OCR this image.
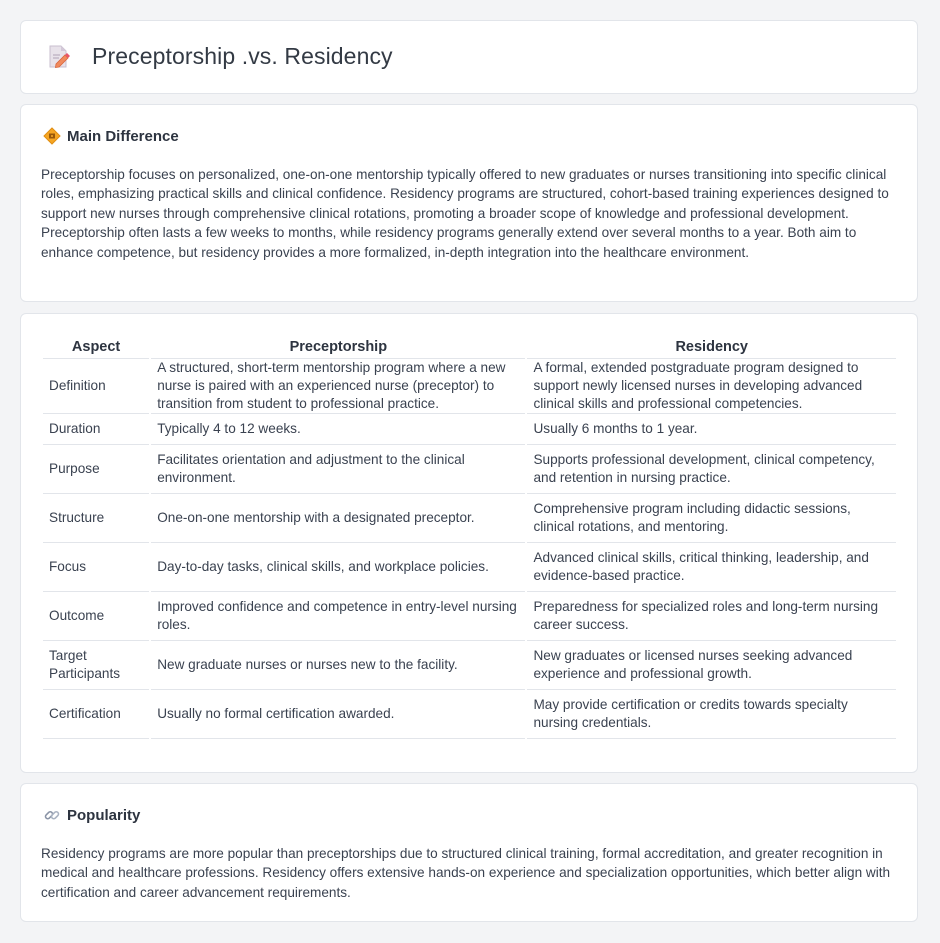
Preceptorship .vs. Residency
Main Difference
Preceptorship focuses on personalized, one-on-one mentorship typically offered to new graduates or nurses transitioning into specific clinical roles, emphasizing practical skills and clinical confidence. Residency programs are structured, cohort-based training experiences designed to support new nurses through comprehensive clinical rotations, promoting a broader scope of knowledge and professional development. Preceptorship often lasts a few weeks to months, while residency programs generally extend over several months to a year. Both aim to enhance competence, but residency provides a more formalized, in-depth integration into the healthcare environment.
Aspect	Preceptorship	Residency
Definition	A structured, short-term mentorship program where a new nurse is paired with an experienced nurse (preceptor) to transition from student to professional practice.	A formal, extended postgraduate program designed to support newly licensed nurses in developing advanced clinical skills and professional competencies.
Duration	Typically 4 to 12 weeks.	Usually 6 months to 1 year.
Purpose	Facilitates orientation and adjustment to the clinical environment.	Supports professional development, clinical competency, and retention in nursing practice.
Structure	One-on-one mentorship with a designated preceptor.	Comprehensive program including didactic sessions, clinical rotations, and mentoring.
Focus	Day-to-day tasks, clinical skills, and workplace policies.	Advanced clinical skills, critical thinking, leadership, and evidence-based practice.
Outcome	Improved confidence and competence in entry-level nursing roles.	Preparedness for specialized roles and long-term nursing career success.
Target Participants	New graduate nurses or nurses new to the facility.	New graduates or licensed nurses seeking advanced experience and professional growth.
Certification	Usually no formal certification awarded.	May provide certification or credits towards specialty nursing credentials.
Popularity
Residency programs are more popular than preceptorships due to structured clinical training, formal accreditation, and greater recognition in medical and healthcare professions. Residency offers extensive hands-on experience and specialization opportunities, which better align with certification and career advancement requirements.
